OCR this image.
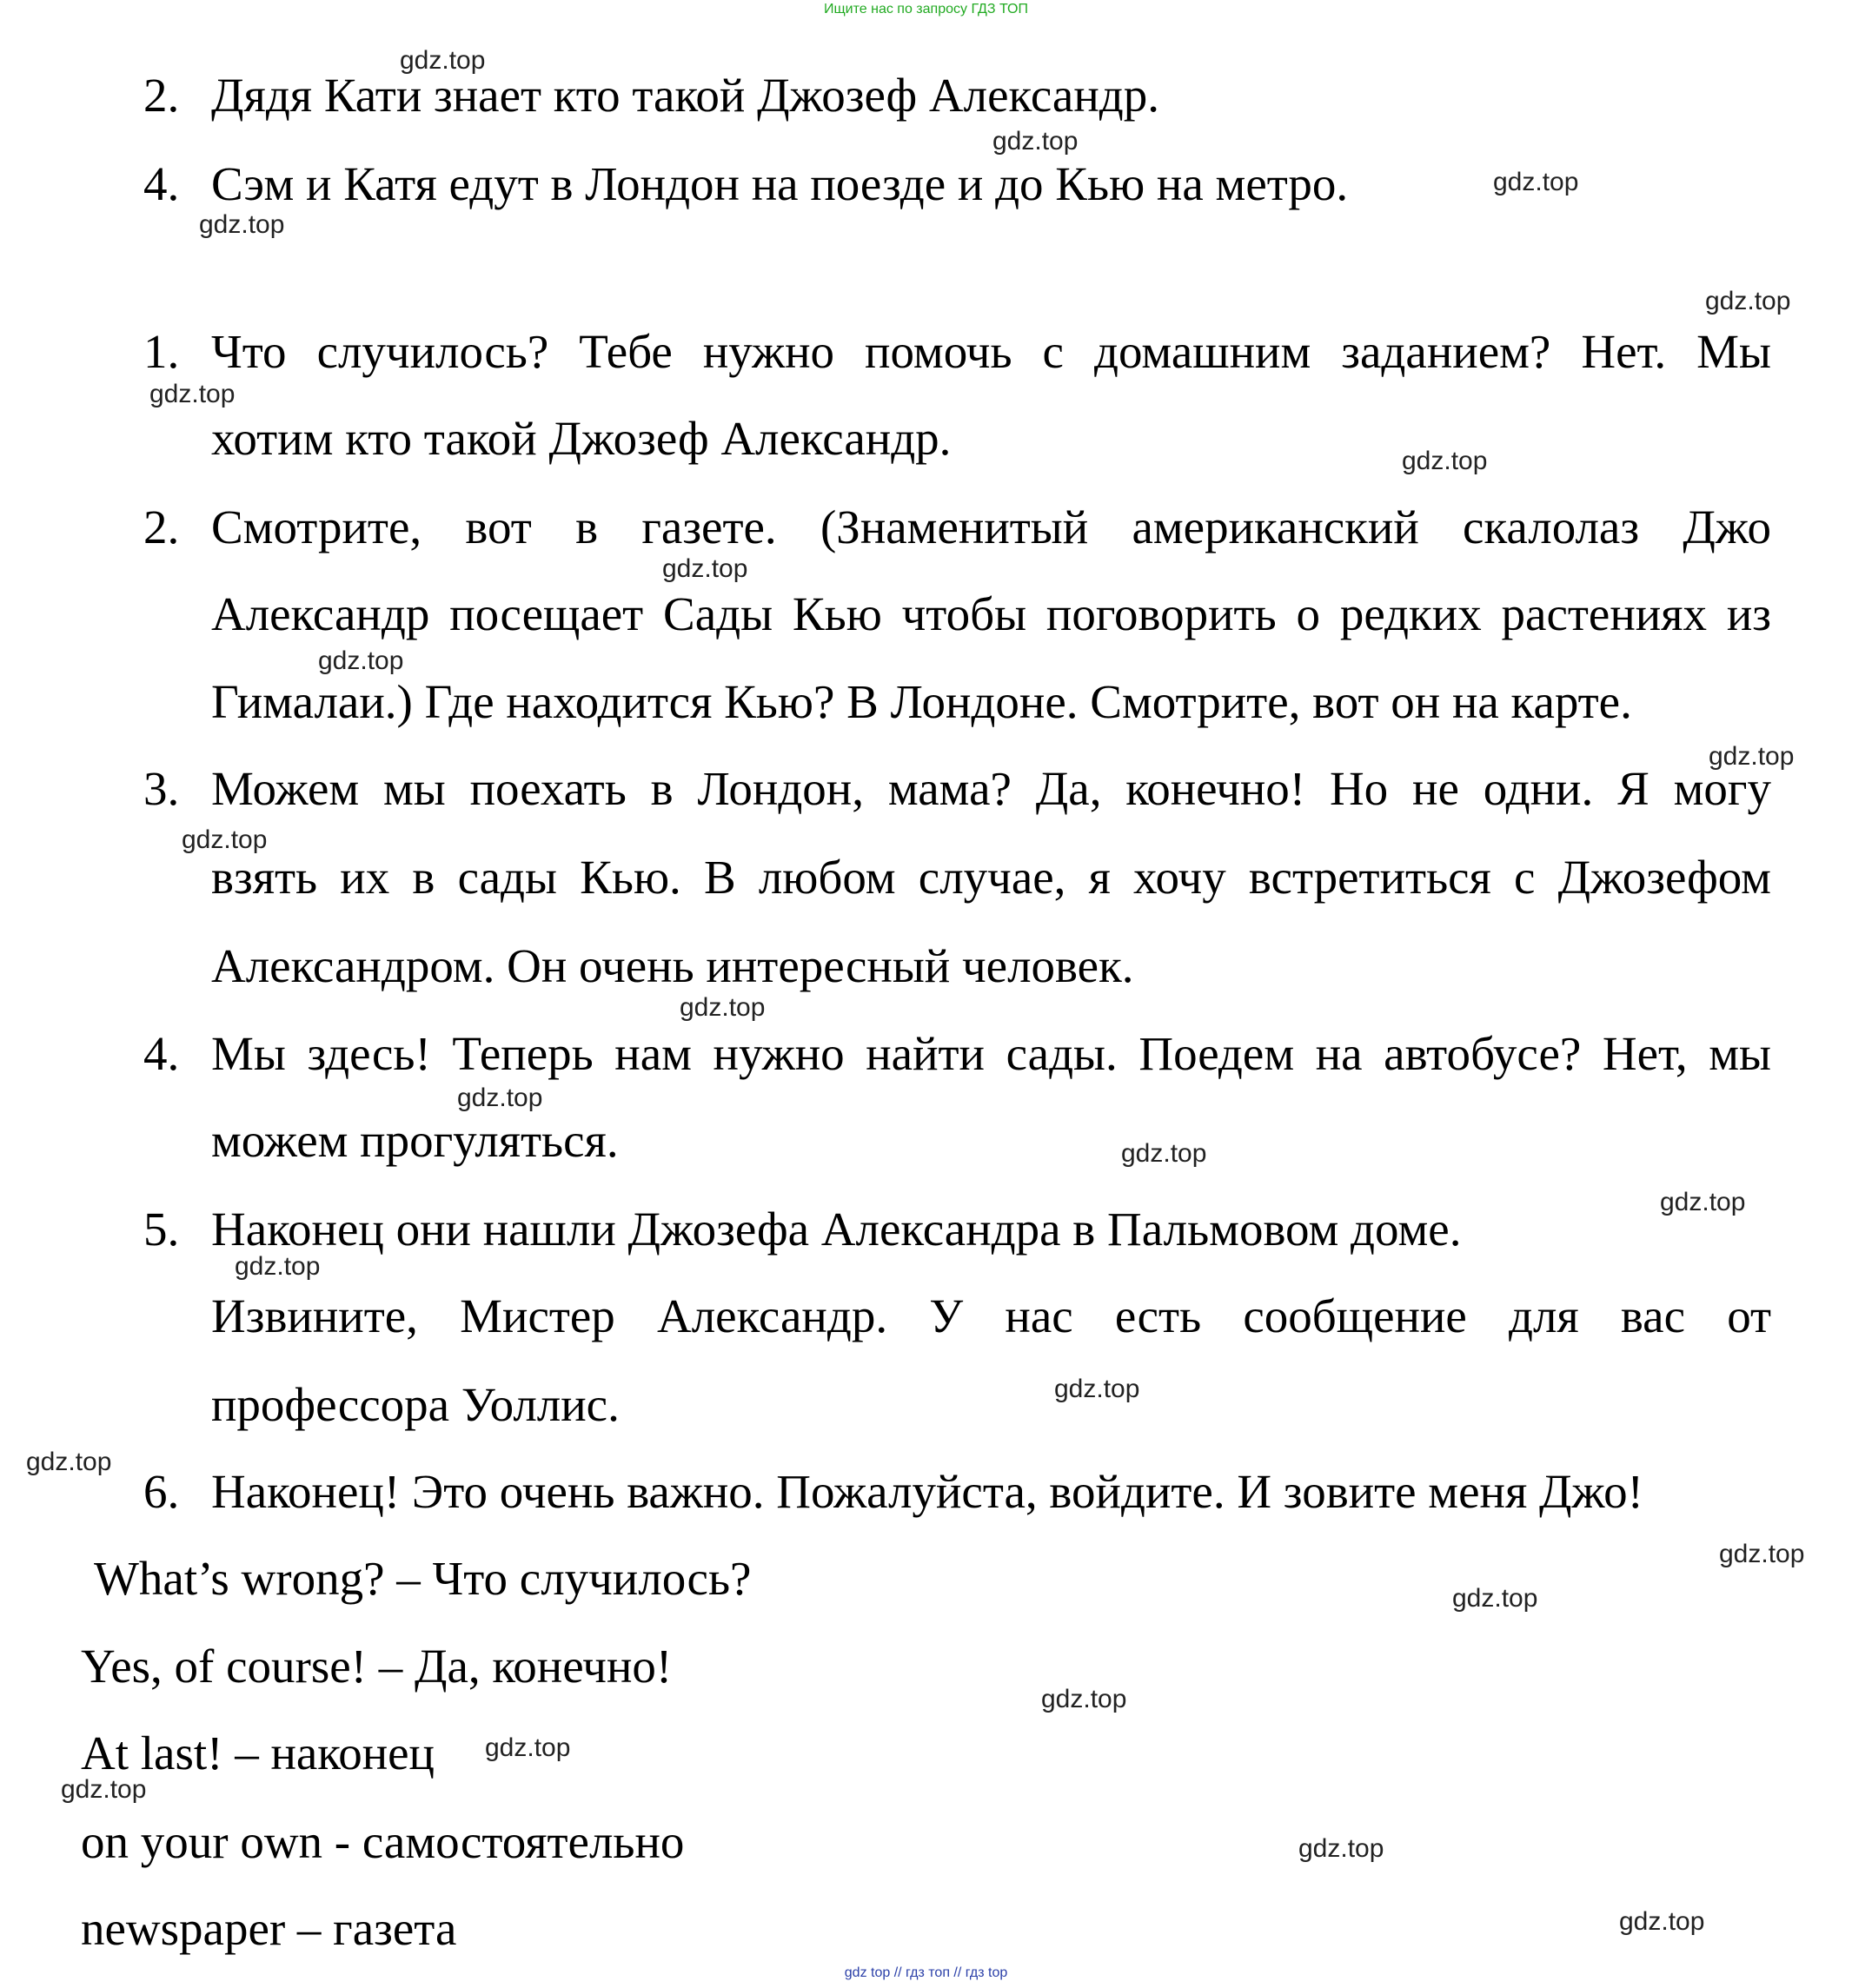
Ищите нас по запросу ГДЗ ТОП
2. Дядя Кати знает кто такой Джозеф Александр.
4. Сэм и Катя едут в Лондон на поезде и до Кью на метро.
1. Что случилось? Тебе нужно помочь с домашним заданием? Нет. Мы
хотим кто такой Джозеф Александр.
2. Смотрите, вот в газете. (Знаменитый американский скалолаз Джо
Александр посещает Сады Кью чтобы поговорить о редких растениях из
Гималаи.) Где находится Кью? В Лондоне. Смотрите, вот он на карте.
3. Можем мы поехать в Лондон, мама? Да, конечно! Но не одни. Я могу
взять их в сады Кью. В любом случае, я хочу встретиться с Джозефом
Александром. Он очень интересный человек.
4. Мы здесь! Теперь нам нужно найти сады. Поедем на автобусе? Нет, мы
можем прогуляться.
5. Наконец они нашли Джозефа Александра в Пальмовом доме.
Извините, Мистер Александр. У нас есть сообщение для вас от
профессора Уоллис.
6. Наконец! Это очень важно. Пожалуйста, войдите. И зовите меня Джо!
What’s wrong? – Что случилось?
Yes, of course! – Да, конечно!
At last! – наконец
on your own - самостоятельно
newspaper – газета
gdz.top
gdz.top
gdz.top
gdz.top
gdz.top
gdz.top
gdz.top
gdz.top
gdz.top
gdz.top
gdz.top
gdz.top
gdz.top
gdz.top
gdz.top
gdz.top
gdz.top
gdz.top
gdz.top
gdz.top
gdz.top
gdz.top
gdz.top
gdz.top
gdz.top
gdz top // гдз топ // гдз top
